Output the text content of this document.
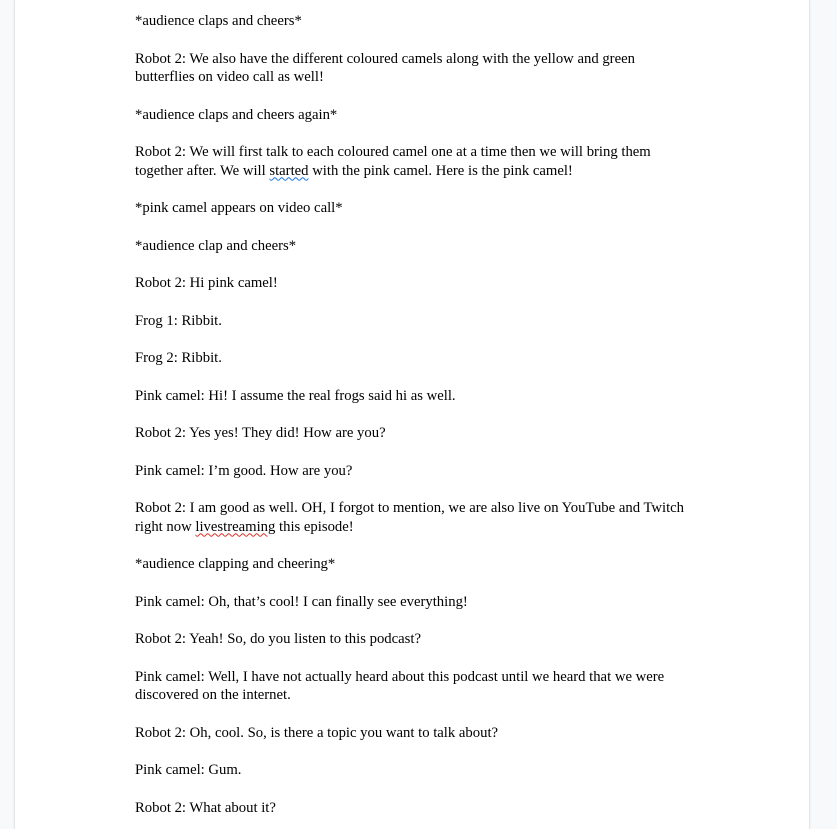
*audience claps and cheers*

Robot 2: We also have the different coloured camels along with the yellow and green butterflies on video call as well!

*audience claps and cheers again*

Robot 2: We will first talk to each coloured camel one at a time then we will bring them together after. We will started with the pink camel. Here is the pink camel!

*pink camel appears on video call*

*audience clap and cheers*

Robot 2: Hi pink camel!

Frog 1: Ribbit.

Frog 2: Ribbit.

Pink camel: Hi! I assume the real frogs said hi as well.

Robot 2: Yes yes! They did! How are you?

Pink camel: I’m good. How are you?

Robot 2: I am good as well. OH, I forgot to mention, we are also live on YouTube and Twitch right now livestreaming this episode!

*audience clapping and cheering*

Pink camel: Oh, that’s cool! I can finally see everything!

Robot 2: Yeah! So, do you listen to this podcast?

Pink camel: Well, I have not actually heard about this podcast until we heard that we were discovered on the internet.

Robot 2: Oh, cool. So, is there a topic you want to talk about?

Pink camel: Gum.

Robot 2: What about it?
